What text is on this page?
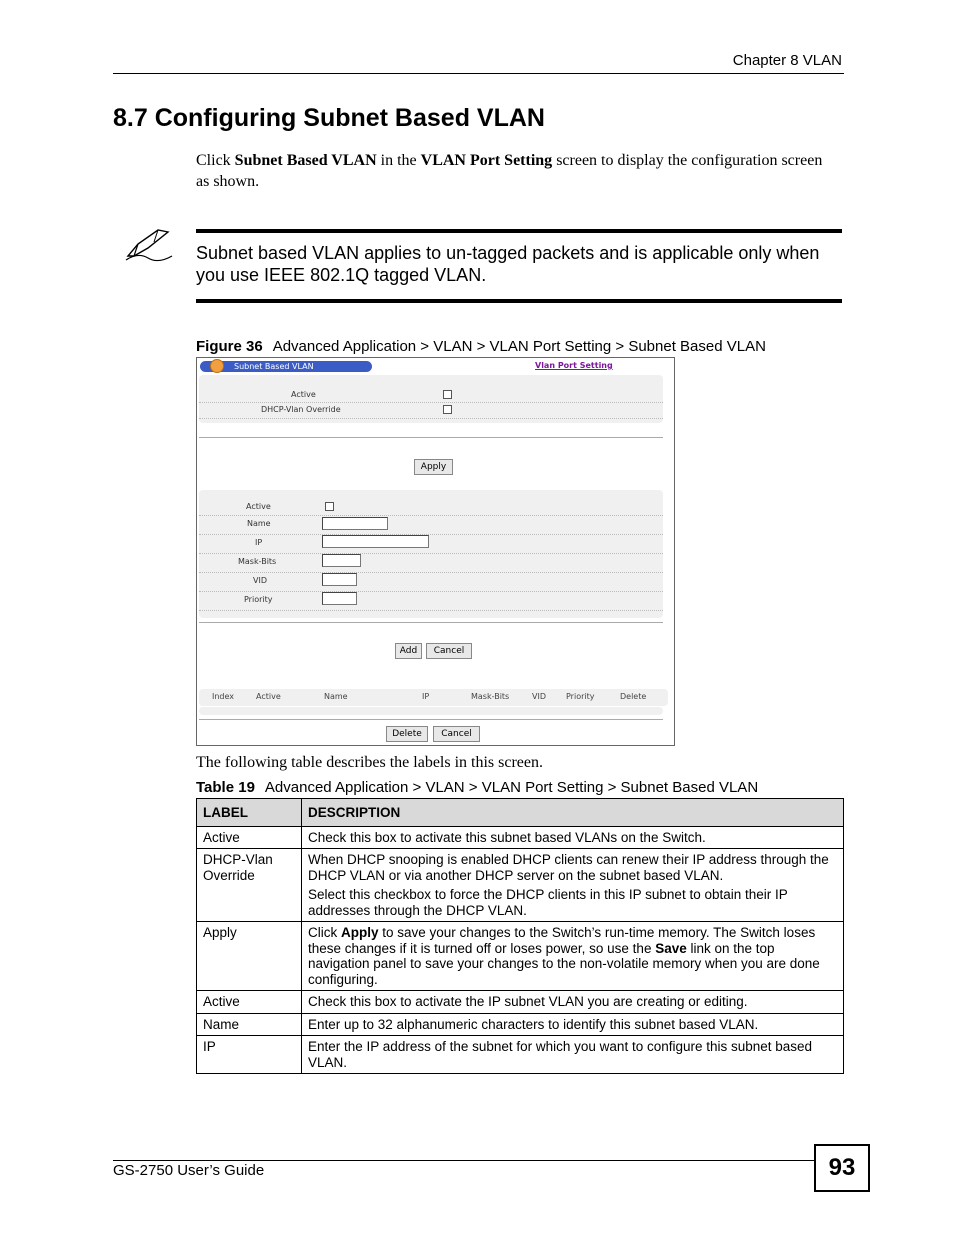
Chapter 8 VLAN
8.7 Configuring Subnet Based VLAN
Click Subnet Based VLAN in the VLAN Port Setting screen to display the configuration screen as shown.
Subnet based VLAN applies to un-tagged packets and is applicable only when you use IEEE 802.1Q tagged VLAN.
Figure 36 Advanced Application > VLAN > VLAN Port Setting > Subnet Based VLAN
Subnet Based VLAN	Vlan Port Setting
Active
DHCP-Vlan Override
Apply
Active
Name
IP
Mask-Bits
VID
Priority
Add	Cancel
Index	Active	Name	IP	Mask-Bits	VID	Priority	Delete
Delete	Cancel
The following table describes the labels in this screen.
Table 19 Advanced Application > VLAN > VLAN Port Setting > Subnet Based VLAN
LABEL	DESCRIPTION
Active	Check this box to activate this subnet based VLANs on the Switch.
DHCP-Vlan Override	When DHCP snooping is enabled DHCP clients can renew their IP address through the DHCP VLAN or via another DHCP server on the subnet based VLAN.

Select this checkbox to force the DHCP clients in this IP subnet to obtain their IP addresses through the DHCP VLAN.

Apply	Click Apply to save your changes to the Switch’s run-time memory. The Switch loses these changes if it is turned off or loses power, so use the Save link on the top navigation panel to save your changes to the non-volatile memory when you are done configuring.
Active	Check this box to activate the IP subnet VLAN you are creating or editing.
Name	Enter up to 32 alphanumeric characters to identify this subnet based VLAN.
IP	Enter the IP address of the subnet for which you want to configure this subnet based VLAN.
GS-2750 User’s Guide	93
